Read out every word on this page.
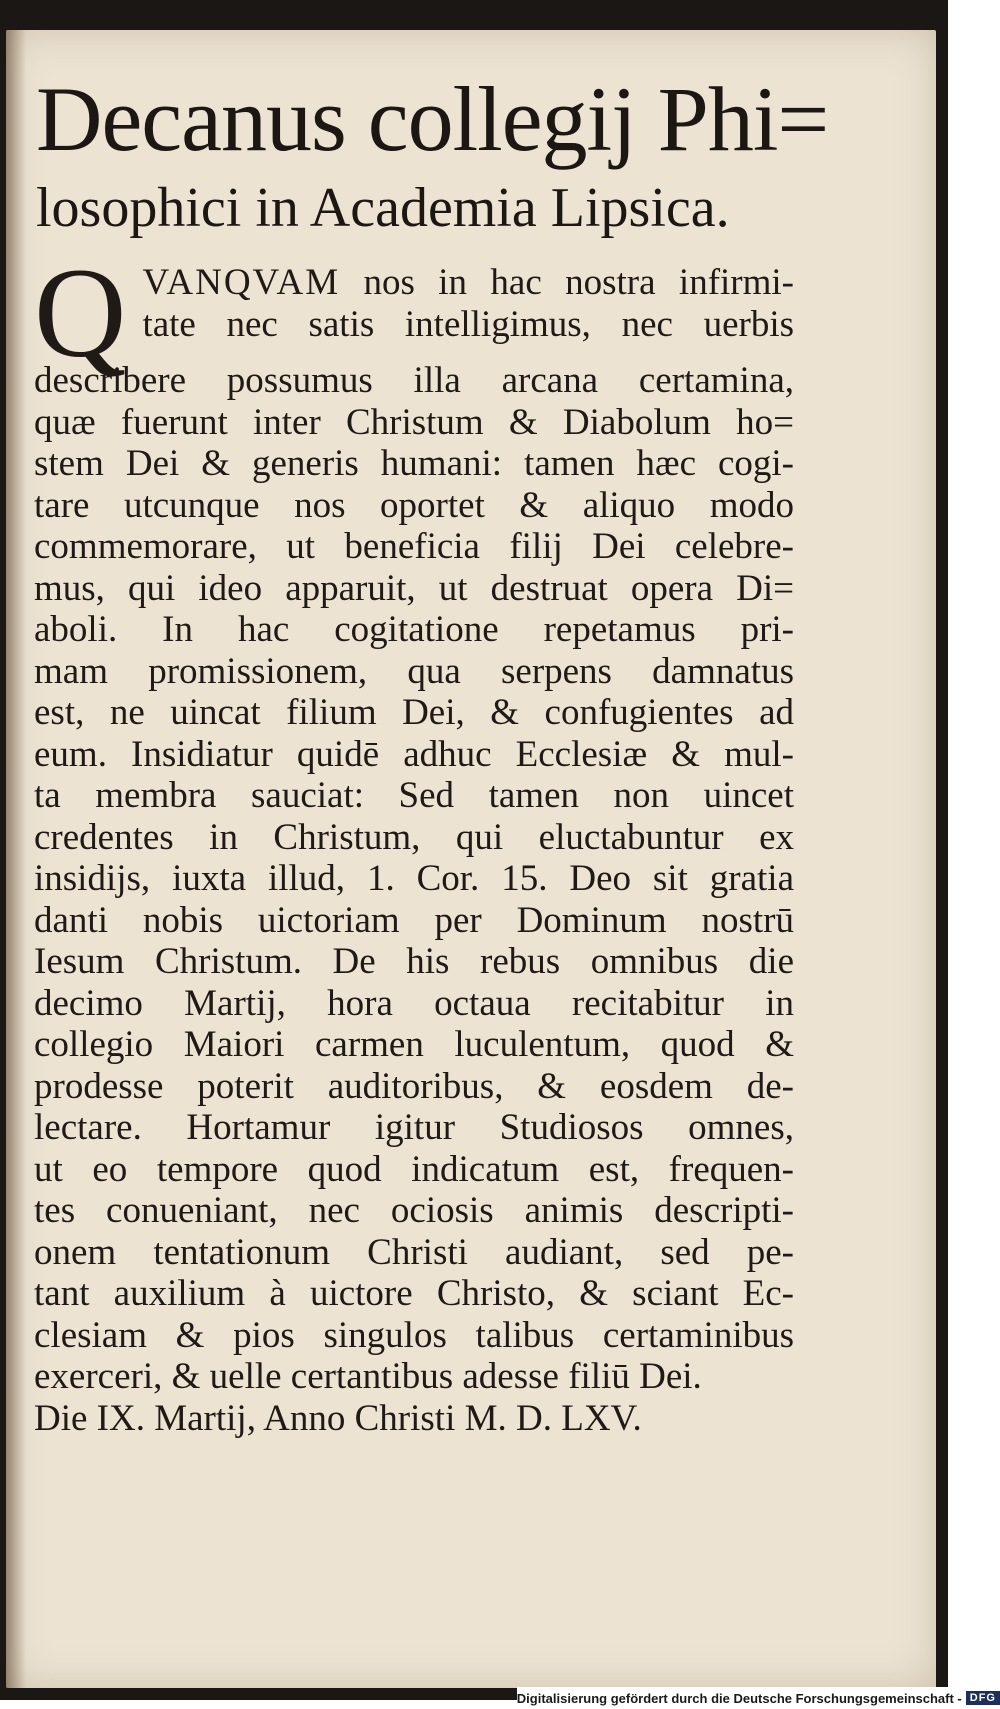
Decanus collegij Phi=
losophici in Academia Lipsica.
Q VANQVAM nos in hac nostra infirmi-
tate nec satis intelligimus, nec uerbis
describere possumus illa arcana certamina,
quæ fuerunt inter Christum & Diabolum ho=
stem Dei & generis humani: tamen hæc cogi-
tare utcunque nos oportet & aliquo modo
commemorare, ut beneficia filij Dei celebre-
mus, qui ideo apparuit, ut destruat opera Di=
aboli. In hac cogitatione repetamus pri-
mam promissionem, qua serpens damnatus
est, ne uincat filium Dei, & confugientes ad
eum. Insidiatur quidē adhuc Ecclesiæ & mul-
ta membra sauciat: Sed tamen non uincet
credentes in Christum, qui eluctabuntur ex
insidijs, iuxta illud, 1. Cor. 15. Deo sit gratia
danti nobis uictoriam per Dominum nostrū
Iesum Christum. De his rebus omnibus die
decimo Martij, hora octaua recitabitur in
collegio Maiori carmen luculentum, quod &
prodesse poterit auditoribus, & eosdem de-
lectare. Hortamur igitur Studiosos omnes,
ut eo tempore quod indicatum est, frequen-
tes conueniant, nec ociosis animis descripti-
onem tentationum Christi audiant, sed pe-
tant auxilium à uictore Christo, & sciant Ec-
clesiam & pios singulos talibus certaminibus
exerceri, & uelle certantibus adesse filiū Dei.
Die IX. Martij, Anno Christi M. D. LXV.
Digitalisierung gefördert durch die Deutsche Forschungsgemeinschaft - DFG
